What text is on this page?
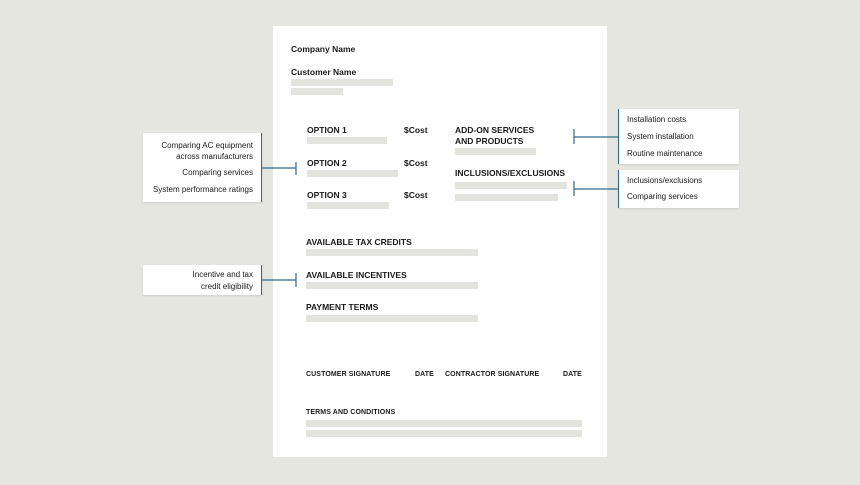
Company Name
Customer Name
OPTION 1	$Cost
OPTION 2	$Cost
OPTION 3	$Cost
ADD-ON SERVICES
AND PRODUCTS
INCLUSIONS/EXCLUSIONS
AVAILABLE TAX CREDITS
AVAILABLE INCENTIVES
PAYMENT TERMS
CUSTOMER SIGNATURE	DATE CONTRACTOR SIGNATURE	DATE
TERMS AND CONDITIONS
Comparing AC equipment
across manufacturers
Comparing services
System performance ratings
Incentive and tax
credit eligibility
Installation costs
System installation
Routine maintenance
Inclusions/exclusions
Comparing services
